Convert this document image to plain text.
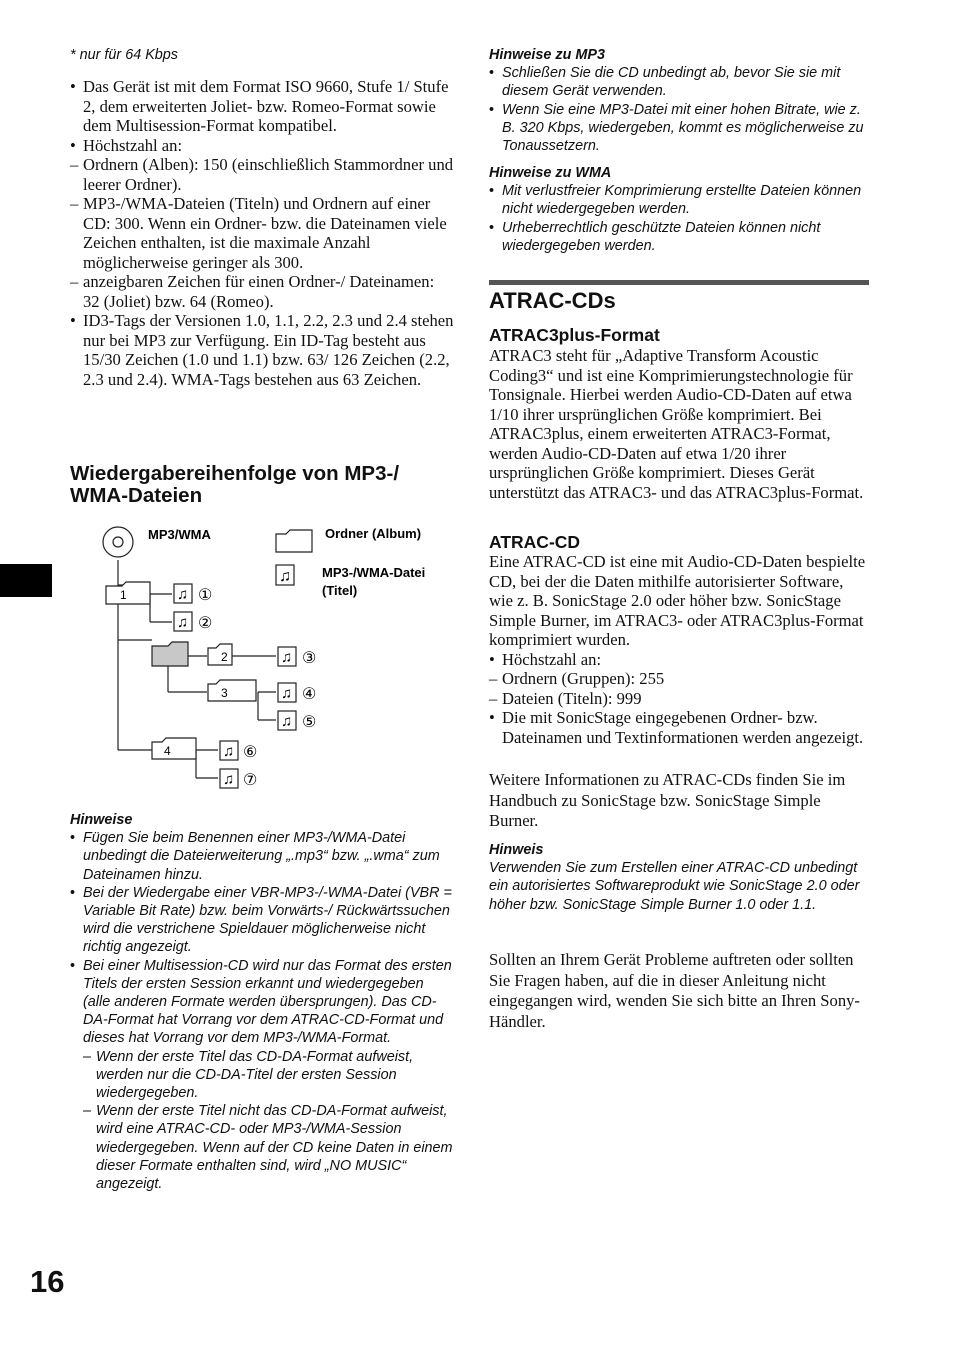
16
* nur für 64 Kbps
• Das Gerät ist mit dem Format ISO 9660, Stufe 1/ Stufe 2, dem erweiterten Joliet- bzw. Romeo-Format sowie dem Multisession-Format kompatibel.
• Höchstzahl an:
– Ordnern (Alben): 150 (einschließlich Stammordner und leerer Ordner).
– MP3-/WMA-Dateien (Titeln) und Ordnern auf einer CD: 300. Wenn ein Ordner- bzw. die Dateinamen viele Zeichen enthalten, ist die maximale Anzahl möglicherweise geringer als 300.
– anzeigbaren Zeichen für einen Ordner-/ Dateinamen: 32 (Joliet) bzw. 64 (Romeo).
• ID3-Tags der Versionen 1.0, 1.1, 2.2, 2.3 und 2.4 stehen nur bei MP3 zur Verfügung. Ein ID-Tag besteht aus 15/30 Zeichen (1.0 und 1.1) bzw. 63/ 126 Zeichen (2.2, 2.3 und 2.4). WMA-Tags bestehen aus 63 Zeichen.
Wiedergabereihenfolge von MP3-/ WMA-Dateien
Hinweise
• Fügen Sie beim Benennen einer MP3-/WMA-Datei unbedingt die Dateierweiterung „.mp3“ bzw. „.wma“ zum Dateinamen hinzu.
• Bei der Wiedergabe einer VBR-MP3-/-WMA-Datei (VBR = Variable Bit Rate) bzw. beim Vorwärts-/ Rückwärtssuchen wird die verstrichene Spieldauer möglicherweise nicht richtig angezeigt.
• Bei einer Multisession-CD wird nur das Format des ersten Titels der ersten Session erkannt und wiedergegeben (alle anderen Formate werden übersprungen). Das CD-DA-Format hat Vorrang vor dem ATRAC-CD-Format und dieses hat Vorrang vor dem MP3-/WMA-Format.
– Wenn der erste Titel das CD-DA-Format aufweist, werden nur die CD-DA-Titel der ersten Session wiedergegeben.
– Wenn der erste Titel nicht das CD-DA-Format aufweist, wird eine ATRAC-CD- oder MP3-/WMA-Session wiedergegeben. Wenn auf der CD keine Daten in einem dieser Formate enthalten sind, wird „NO MUSIC“ angezeigt.
MP3/WMA	Ordner (Album)
♫ MP3-/WMA-Datei
(Titel)
1	♫ ①
♫ ②
2	♫ ③
3	♫ ④
♫ ⑤
4	♫ ⑥
♫ ⑦
Hinweise zu MP3
• Schließen Sie die CD unbedingt ab, bevor Sie sie mit diesem Gerät verwenden.
• Wenn Sie eine MP3-Datei mit einer hohen Bitrate, wie z. B. 320 Kbps, wiedergeben, kommt es möglicherweise zu Tonaussetzern.
Hinweise zu WMA
• Mit verlustfreier Komprimierung erstellte Dateien können nicht wiedergegeben werden.
• Urheberrechtlich geschützte Dateien können nicht wiedergegeben werden.
ATRAC-CDs
ATRAC3plus-Format

ATRAC3 steht für „Adaptive Transform Acoustic Coding3“ und ist eine Komprimierungstechnologie für Tonsignale. Hierbei werden Audio-CD-Daten auf etwa 1/10 ihrer ursprünglichen Größe komprimiert. Bei ATRAC3plus, einem erweiterten ATRAC3-Format, werden Audio-CD-Daten auf etwa 1/20 ihrer ursprünglichen Größe komprimiert. Dieses Gerät unterstützt das ATRAC3- und das ATRAC3plus-Format.

ATRAC-CD

Eine ATRAC-CD ist eine mit Audio-CD-Daten bespielte CD, bei der die Daten mithilfe autorisierter Software, wie z. B. SonicStage 2.0 oder höher bzw. SonicStage Simple Burner, im ATRAC3- oder ATRAC3plus-Format komprimiert wurden.

• Höchstzahl an:
– Ordnern (Gruppen): 255
– Dateien (Titeln): 999
• Die mit SonicStage eingegebenen Ordner- bzw. Dateinamen und Textinformationen werden angezeigt.

Weitere Informationen zu ATRAC-CDs finden Sie im Handbuch zu SonicStage bzw. SonicStage Simple Burner.

Hinweis

Verwenden Sie zum Erstellen einer ATRAC-CD unbedingt ein autorisiertes Softwareprodukt wie SonicStage 2.0 oder höher bzw. SonicStage Simple Burner 1.0 oder 1.1.

Sollten an Ihrem Gerät Probleme auftreten oder sollten Sie Fragen haben, auf die in dieser Anleitung nicht eingegangen wird, wenden Sie sich bitte an Ihren Sony-Händler.
